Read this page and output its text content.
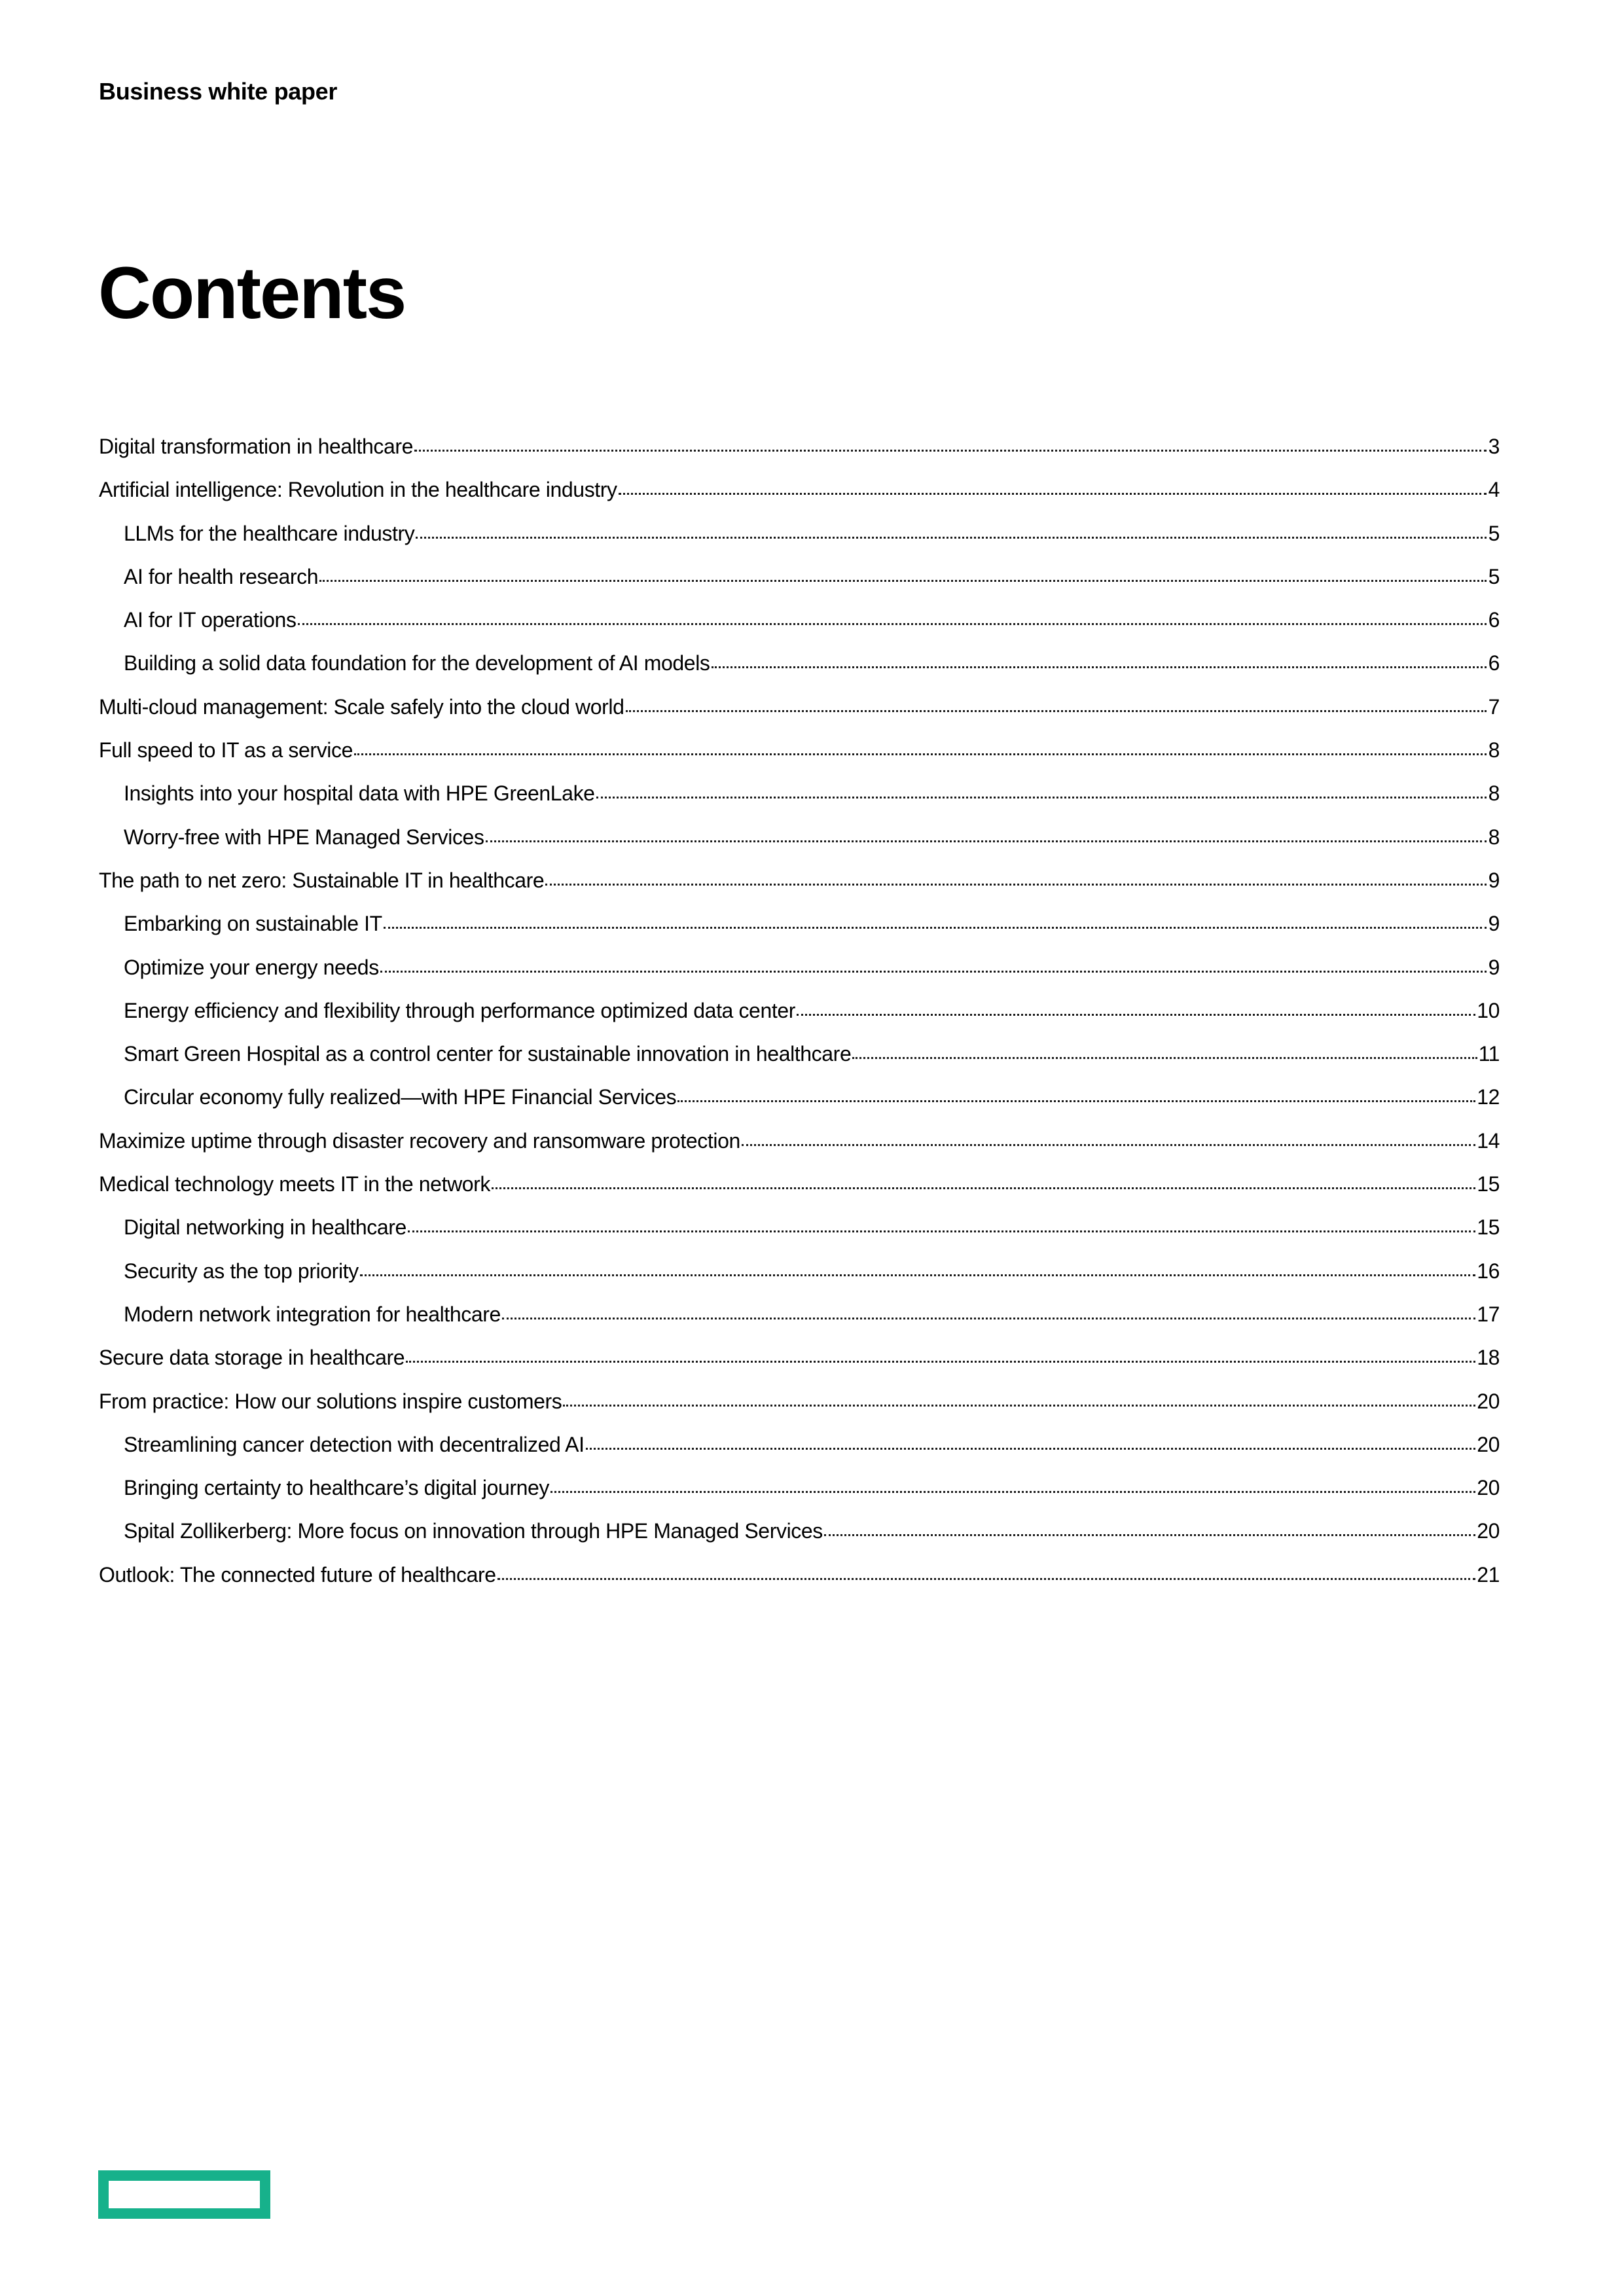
Business white paper
Contents
Digital transformation in healthcare	3
Artificial intelligence: Revolution in the healthcare industry	4
LLMs for the healthcare industry	5
AI for health research	5
AI for IT operations	6
Building a solid data foundation for the development of AI models	6
Multi-cloud management: Scale safely into the cloud world	7
Full speed to IT as a service	8
Insights into your hospital data with HPE GreenLake	8
Worry-free with HPE Managed Services	8
The path to net zero: Sustainable IT in healthcare	9
Embarking on sustainable IT	9
Optimize your energy needs	9
Energy efficiency and flexibility through performance optimized data center	10
Smart Green Hospital as a control center for sustainable innovation in healthcare	11
Circular economy fully realized—with HPE Financial Services	12
Maximize uptime through disaster recovery and ransomware protection	14
Medical technology meets IT in the network	15
Digital networking in healthcare	15
Security as the top priority	16
Modern network integration for healthcare	17
Secure data storage in healthcare	18
From practice: How our solutions inspire customers	20
Streamlining cancer detection with decentralized AI	20
Bringing certainty to healthcare’s digital journey	20
Spital Zollikerberg: More focus on innovation through HPE Managed Services	20
Outlook: The connected future of healthcare	21
